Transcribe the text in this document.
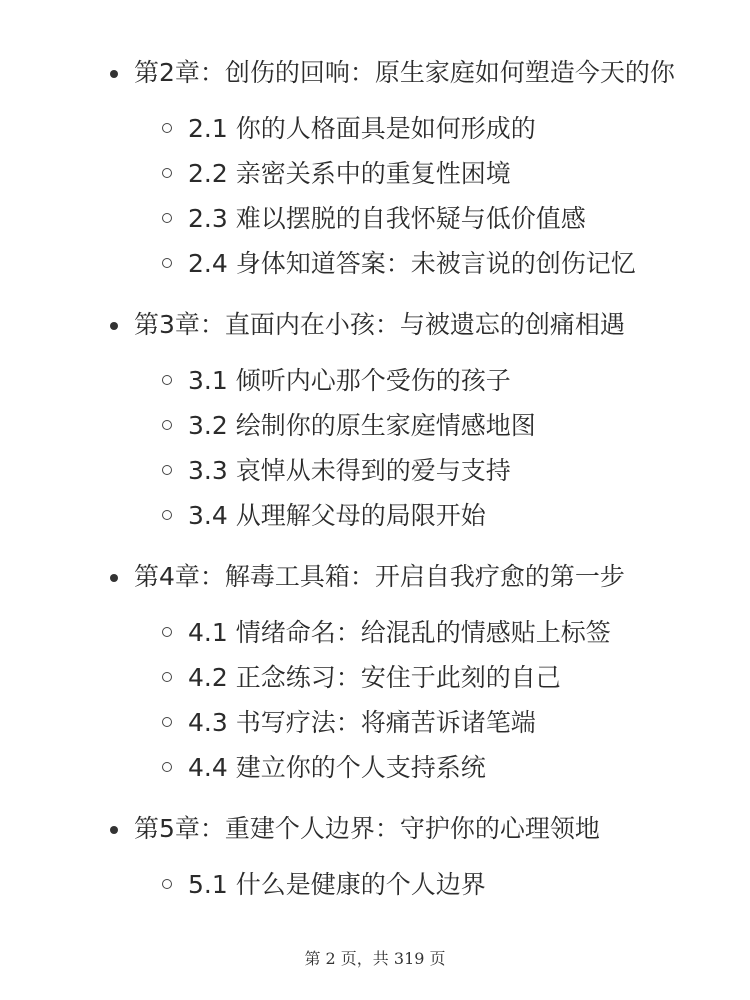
第2章：创伤的回响：原生家庭如何塑造今天的你
2.1 你的人格面具是如何形成的
2.2 亲密关系中的重复性困境
2.3 难以摆脱的自我怀疑与低价值感
2.4 身体知道答案：未被言说的创伤记忆
第3章：直面内在小孩：与被遗忘的创痛相遇
3.1 倾听内心那个受伤的孩子
3.2 绘制你的原生家庭情感地图
3.3 哀悼从未得到的爱与支持
3.4 从理解父母的局限开始
第4章：解毒工具箱：开启自我疗愈的第一步
4.1 情绪命名：给混乱的情感贴上标签
4.2 正念练习：安住于此刻的自己
4.3 书写疗法：将痛苦诉诸笔端
4.4 建立你的个人支持系统
第5章：重建个人边界：守护你的心理领地
5.1 什么是健康的个人边界
第 2 页，共 319 页
